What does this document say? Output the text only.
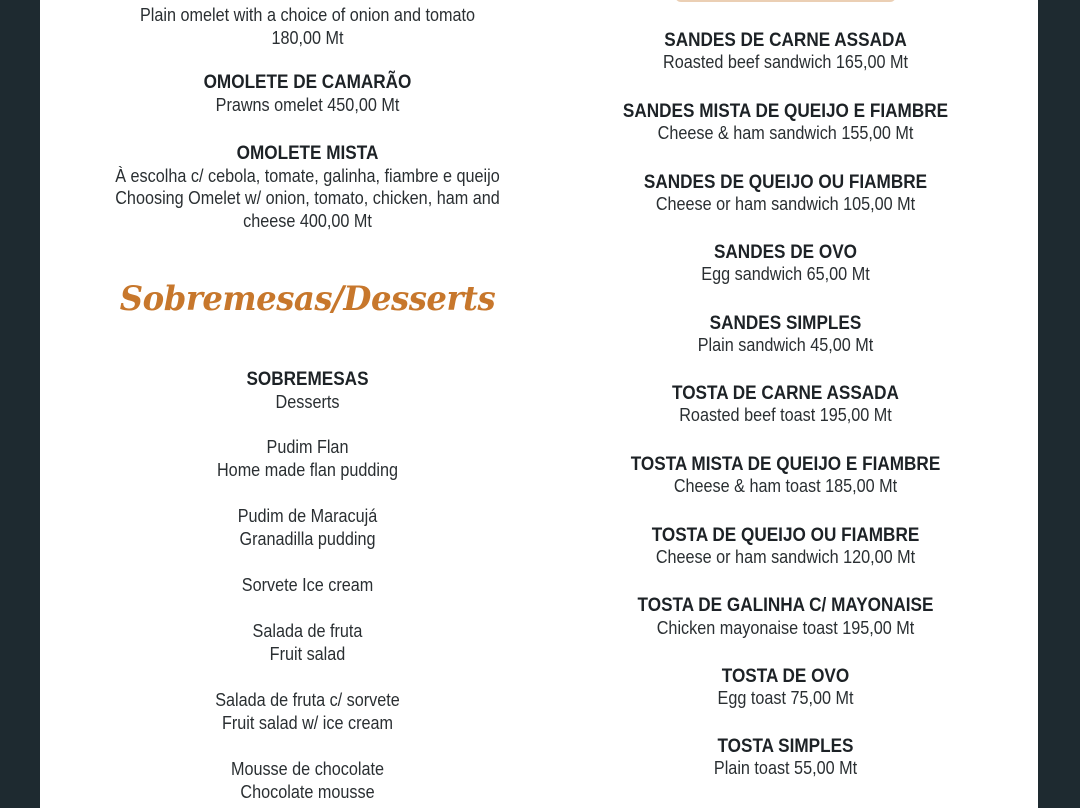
Plain omelet with a choice of onion and tomato
180,00 Mt
OMOLETE DE CAMARÃO
Prawns omelet 450,00 Mt
OMOLETE MISTA
À escolha c/ cebola, tomate, galinha, fiambre e queijo
Choosing Omelet w/ onion, tomato, chicken, ham and
cheese 400,00 Mt
Sobremesas/Desserts
SOBREMESAS
Desserts
Pudim Flan
Home made flan pudding
Pudim de Maracujá
Granadilla pudding
Sorvete Ice cream
Salada de fruta
Fruit salad
Salada de fruta c/ sorvete
Fruit salad w/ ice cream
Mousse de chocolate
Chocolate mousse
SANDES DE CARNE ASSADA
Roasted beef sandwich 165,00 Mt
SANDES MISTA DE QUEIJO E FIAMBRE
Cheese & ham sandwich 155,00 Mt
SANDES DE QUEIJO OU FIAMBRE
Cheese or ham sandwich 105,00 Mt
SANDES DE OVO
Egg sandwich 65,00 Mt
SANDES SIMPLES
Plain sandwich 45,00 Mt
TOSTA DE CARNE ASSADA
Roasted beef toast 195,00 Mt
TOSTA MISTA DE QUEIJO E FIAMBRE
Cheese & ham toast 185,00 Mt
TOSTA DE QUEIJO OU FIAMBRE
Cheese or ham sandwich 120,00 Mt
TOSTA DE GALINHA C/ MAYONAISE
Chicken mayonaise toast 195,00 Mt
TOSTA DE OVO
Egg toast 75,00 Mt
TOSTA SIMPLES
Plain toast 55,00 Mt
